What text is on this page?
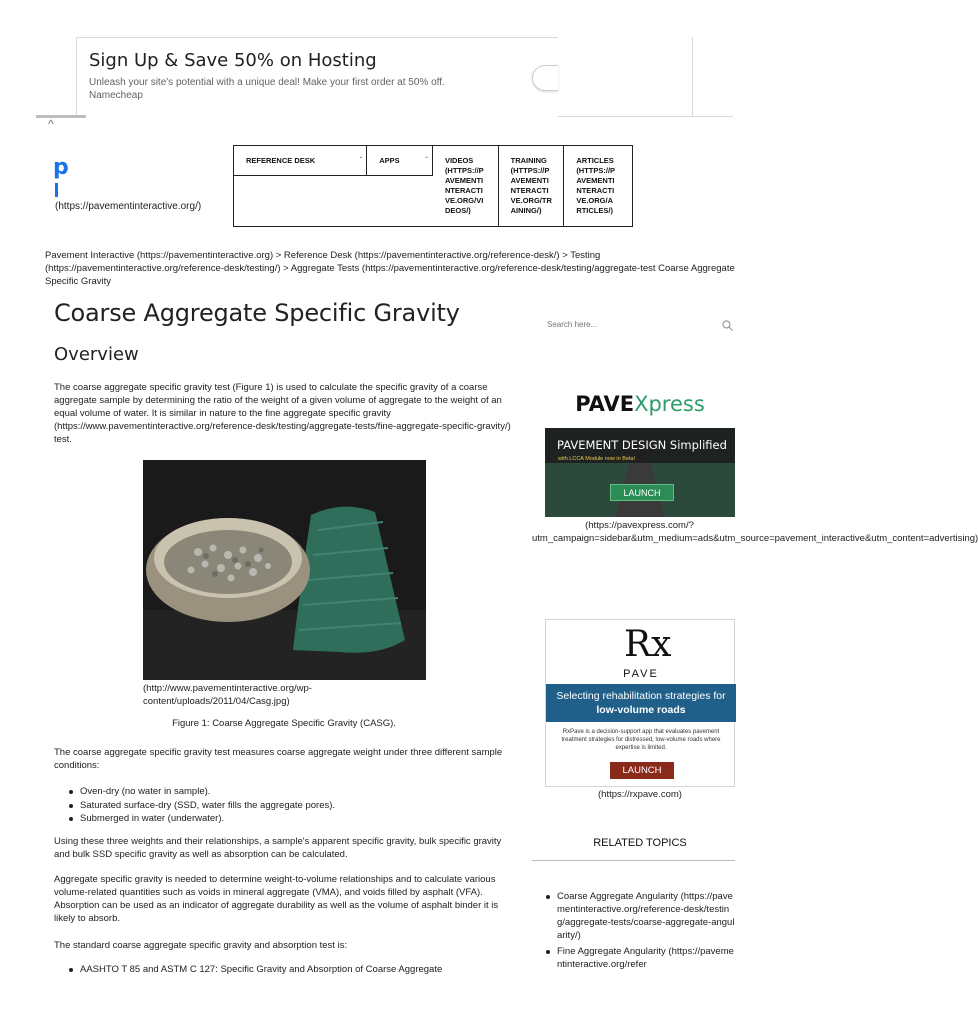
Sign Up & Save 50% on Hosting
Unleash your site's potential with a unique deal! Make your first order at 50% off.
Namecheap
^
p
(https://pavementinteractive.org/)
REFERENCE DESK	ˇ	APPS	ˇ	VIDEOS (HTTPS://P AVEMENTI NTERACTI VE.ORG/VI DEOS/)
TRAINING (HTTPS://P AVEMENTI NTERACTI VE.ORG/TR AINING/)
ARTICLES (HTTPS://P AVEMENTI NTERACTI VE.ORG/A RTICLES/)
Pavement Interactive (https://pavementinteractive.org) > Reference Desk (https://pavementinteractive.org/reference-desk/) > Testing (https://pavementinteractive.org/reference-desk/testing/) > Aggregate Tests (https://pavementinteractive.org/reference-desk/testing/aggregate-test Coarse Aggregate Specific Gravity
Coarse Aggregate Specific Gravity
Overview

The coarse aggregate specific gravity test (Figure 1) is used to calculate the specific gravity of a coarse aggregate sample by determining the ratio of the weight of a given volume of aggregate to the weight of an equal volume of water. It is similar in nature to the fine aggregate specific gravity (https://www.pavementinteractive.org/reference-desk/testing/aggregate-tests/fine-aggregate-specific-gravity/) test.

(http://www.pavementinteractive.org/wp-content/uploads/2011/04/Casg.jpg)
Figure 1: Coarse Aggregate Specific Gravity (CASG).

The coarse aggregate specific gravity test measures coarse aggregate weight under three different sample conditions:

Oven-dry (no water in sample).
Saturated surface-dry (SSD, water fills the aggregate pores).
Submerged in water (underwater).

Using these three weights and their relationships, a sample's apparent specific gravity, bulk specific gravity and bulk SSD specific gravity as well as absorption can be calculated.

Aggregate specific gravity is needed to determine weight-to-volume relationships and to calculate various volume-related quantities such as voids in mineral aggregate (VMA), and voids filled by asphalt (VFA). Absorption can be used as an indicator of aggregate durability as well as the volume of asphalt binder it is likely to absorb.

The standard coarse aggregate specific gravity and absorption test is:

AASHTO T 85 and ASTM C 127: Specific Gravity and Absorption of Coarse Aggregate
Search here...
PAVEXpress
PAVEMENT DESIGN Simplified
with LCCA Module now in Beta!
LAUNCH
(https://pavexpress.com/?utm_campaign=sidebar&utm_medium=ads&utm_source=pavement_interactive&utm_content=advertising)
Rx
PAVE
Selecting rehabilitation strategies for
low-volume roads
RxPave is a decision-support app that evaluates pavement treatment strategies for distressed, low-volume roads where expertise is limited.
LAUNCH
(https://rxpave.com)
RELATED TOPICS
Coarse Aggregate Angularity (https://pavementinteractive.org/reference-desk/testing/aggregate-tests/coarse-aggregate-angularity/)
Fine Aggregate Angularity (https://pavementinteractive.org/refer
